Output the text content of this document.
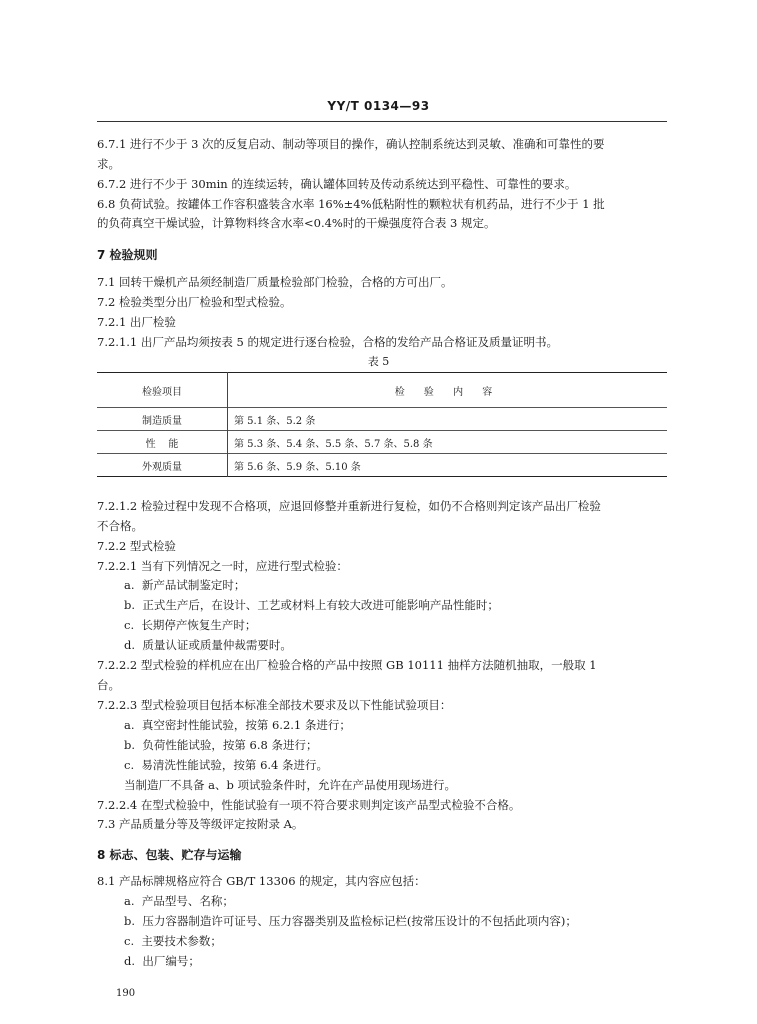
YY/T 0134—93
6.7.1 进行不少于 3 次的反复启动、制动等项目的操作，确认控制系统达到灵敏、准确和可靠性的要
求。
6.7.2 进行不少于 30min 的连续运转，确认罐体回转及传动系统达到平稳性、可靠性的要求。
6.8 负荷试验。按罐体工作容积盛装含水率 16%±4%低粘附性的颗粒状有机药品，进行不少于 1 批
的负荷真空干燥试验，计算物料终含水率<0.4%时的干燥强度符合表 3 规定。
7 检验规则
7.1 回转干燥机产品须经制造厂质量检验部门检验，合格的方可出厂。
7.2 检验类型分出厂检验和型式检验。
7.2.1 出厂检验
7.2.1.1 出厂产品均须按表 5 的规定进行逐台检验，合格的发给产品合格证及质量证明书。
表 5
检验项目	检 验 内 容
制造质量	第 5.1 条、5.2 条
性    能	第 5.3 条、5.4 条、5.5 条、5.7 条、5.8 条
外观质量	第 5.6 条、5.9 条、5.10 条
7.2.1.2 检验过程中发现不合格项，应退回修整并重新进行复检，如仍不合格则判定该产品出厂检验
不合格。
7.2.2 型式检验
7.2.2.1 当有下列情况之一时，应进行型式检验：
a. 新产品试制鉴定时；
b. 正式生产后，在设计、工艺或材料上有较大改进可能影响产品性能时；
c. 长期停产恢复生产时；
d. 质量认证或质量仲裁需要时。
7.2.2.2 型式检验的样机应在出厂检验合格的产品中按照 GB 10111 抽样方法随机抽取，一般取 1
台。
7.2.2.3 型式检验项目包括本标准全部技术要求及以下性能试验项目：
a. 真空密封性能试验，按第 6.2.1 条进行；
b. 负荷性能试验，按第 6.8 条进行；
c. 易清洗性能试验，按第 6.4 条进行。
当制造厂不具备 a、b 项试验条件时，允许在产品使用现场进行。
7.2.2.4 在型式检验中，性能试验有一项不符合要求则判定该产品型式检验不合格。
7.3 产品质量分等及等级评定按附录 A。
8 标志、包装、贮存与运输
8.1 产品标牌规格应符合 GB/T 13306 的规定，其内容应包括：
a. 产品型号、名称；
b. 压力容器制造许可证号、压力容器类别及监检标记栏(按常压设计的不包括此项内容)；
c. 主要技术参数；
d. 出厂编号；
190
